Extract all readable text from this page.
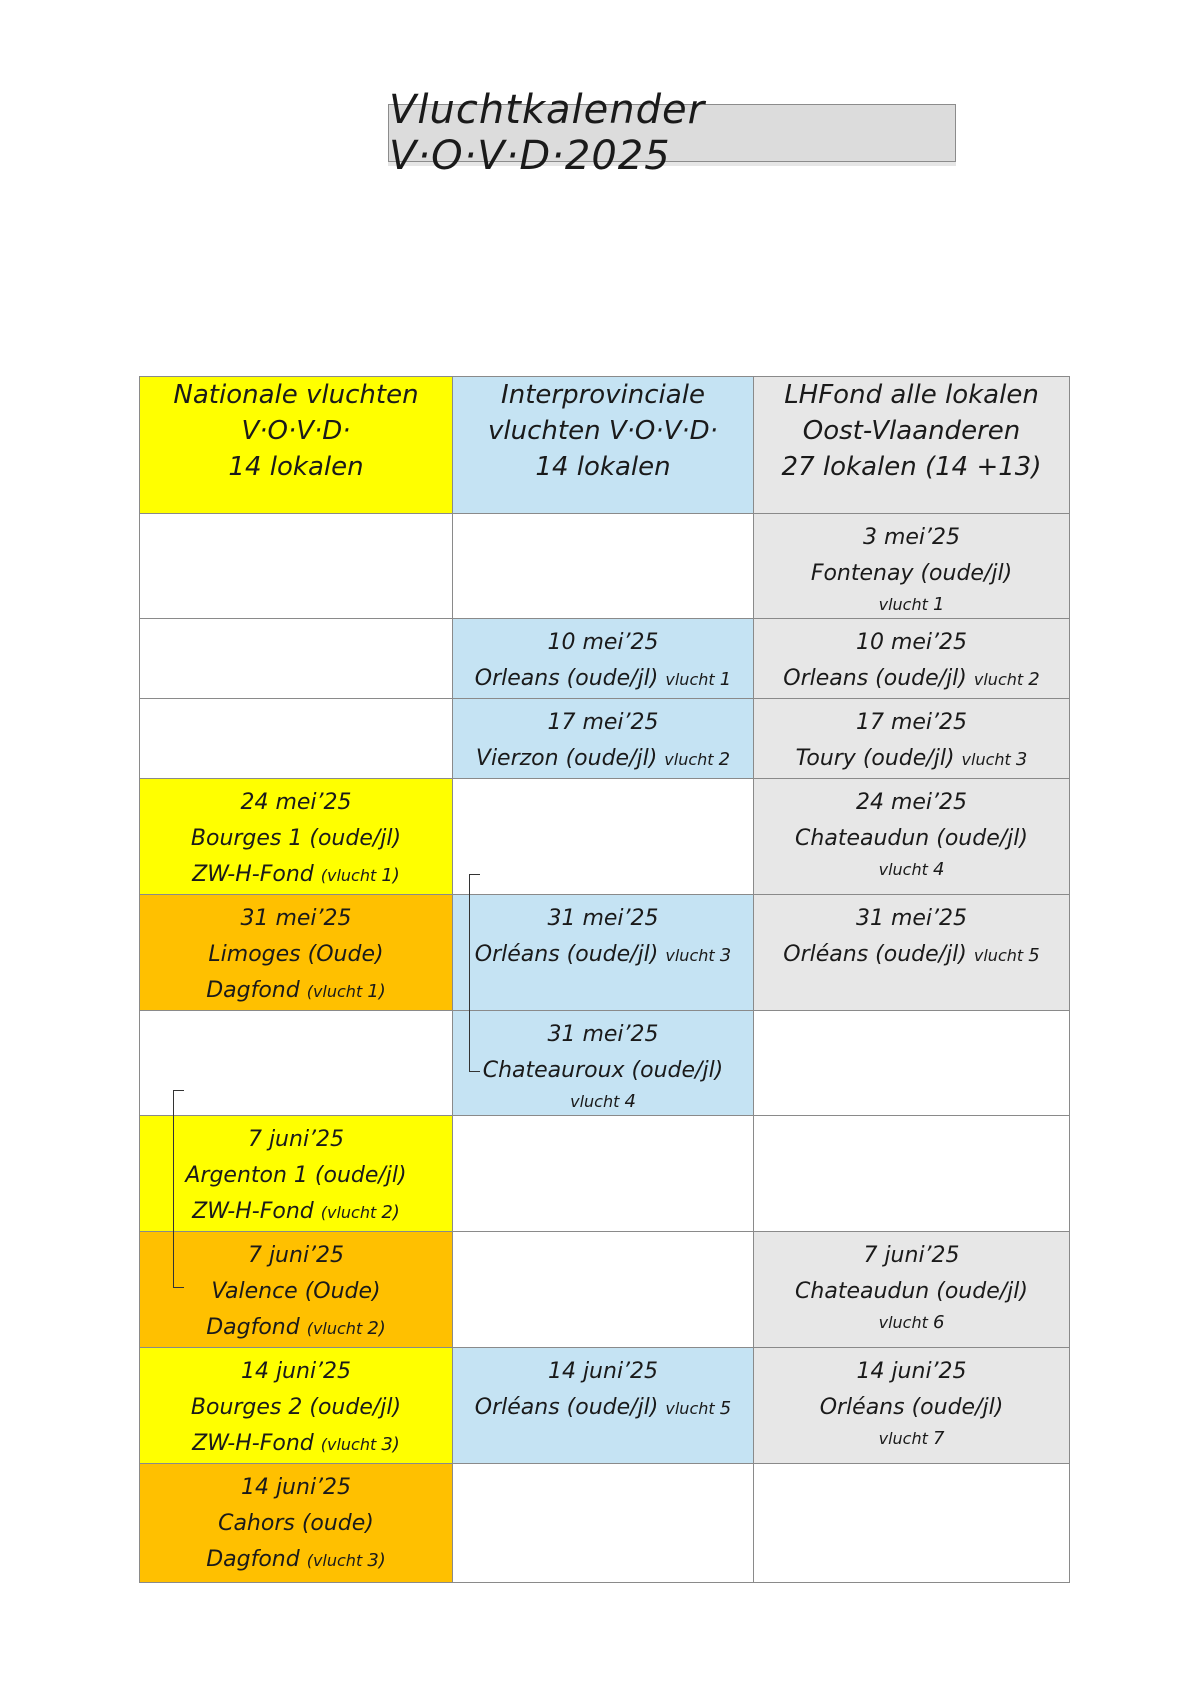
Vluchtkalender V·O·V·D·2025
Nationale vluchten
V·O·V·D·
14 lokalen	Interprovinciale
vluchten V·O·V·D·
14 lokalen	LHFond alle lokalen
Oost-Vlaanderen
27 lokalen (14 +13)

		3 mei’25
Fontenay (oude/jl)
vlucht 1

	10 mei’25
Orleans (oude/jl) vlucht 1	10 mei’25
Orleans (oude/jl) vlucht 2

	17 mei’25
Vierzon (oude/jl) vlucht 2	17 mei’25
Toury (oude/jl) vlucht 3

24 mei’25
Bourges 1 (oude/jl)
ZW-H-Fond (vlucht 1)		24 mei’25
Chateaudun (oude/jl)
vlucht 4

31 mei’25
Limoges (Oude)
Dagfond (vlucht 1)	31 mei’25
Orléans (oude/jl) vlucht 3	31 mei’25
Orléans (oude/jl) vlucht 5

	31 mei’25
Chateauroux (oude/jl)
vlucht 4	

7 juni’25
Argenton 1 (oude/jl)
ZW-H-Fond (vlucht 2)		

7 juni’25
Valence (Oude)
Dagfond (vlucht 2)		7 juni’25
Chateaudun (oude/jl)
vlucht 6

14 juni’25
Bourges 2 (oude/jl)
ZW-H-Fond (vlucht 3)	14 juni’25
Orléans (oude/jl) vlucht 5	14 juni’25
Orléans (oude/jl)
vlucht 7

14 juni’25
Cahors (oude)
Dagfond (vlucht 3)		
